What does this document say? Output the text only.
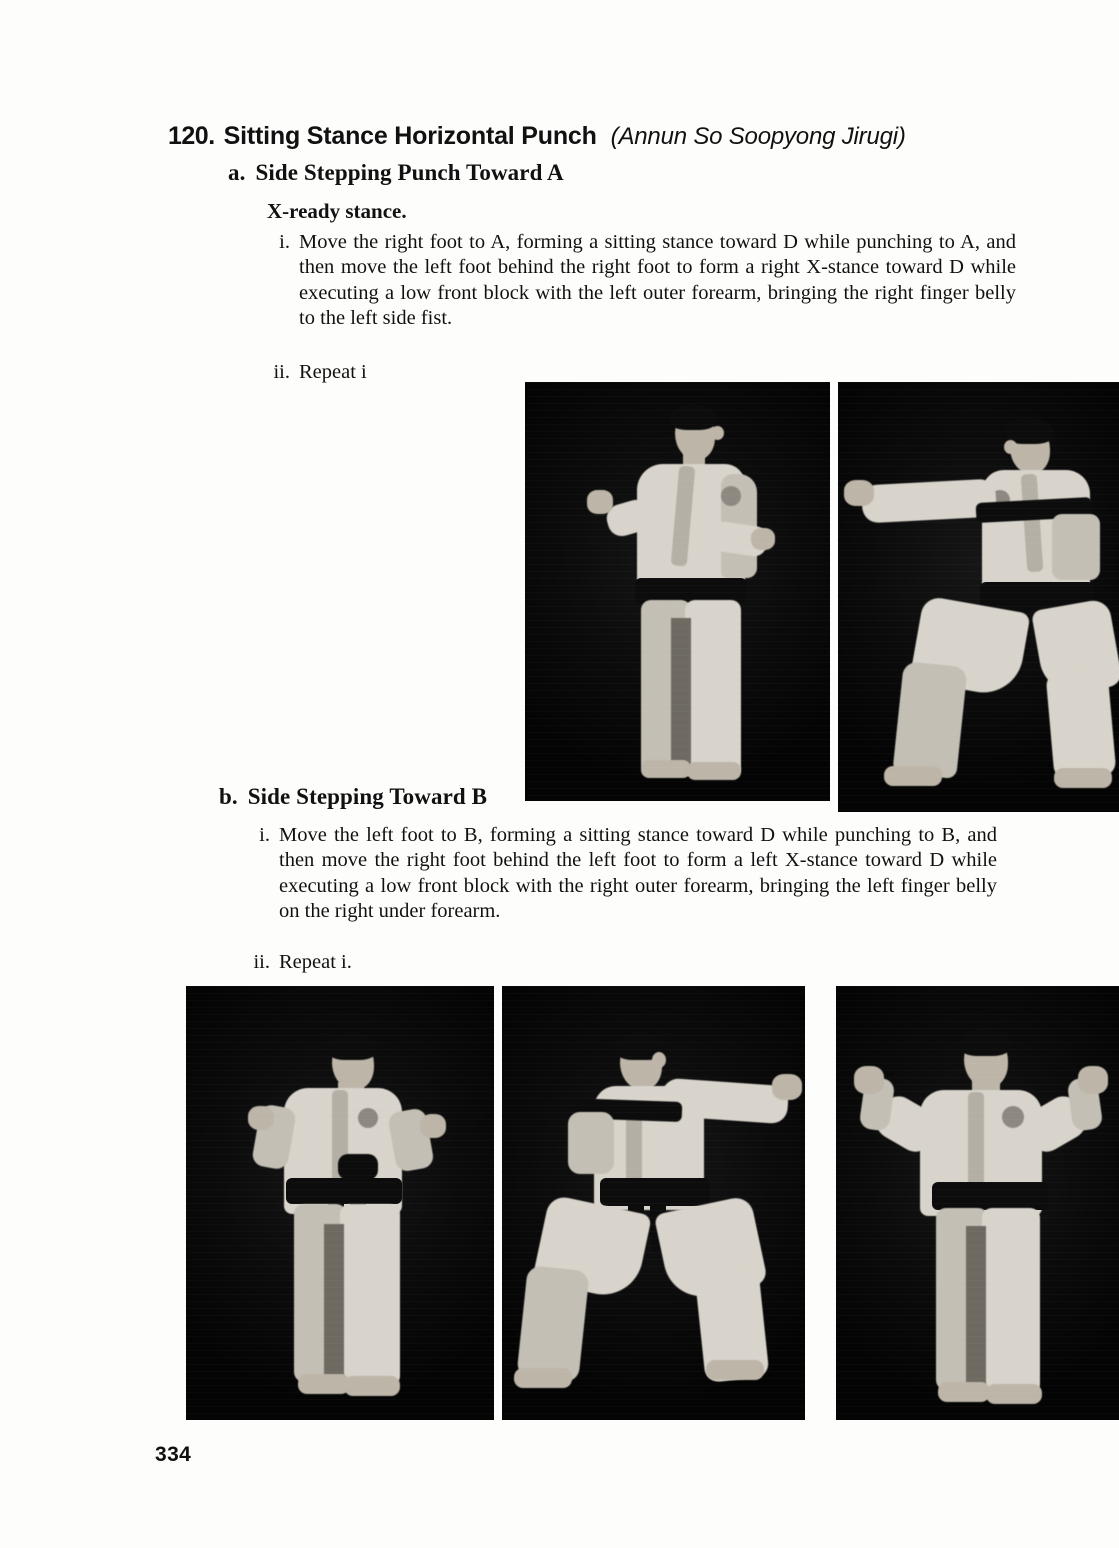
120. Sitting Stance Horizontal Punch (Annun So Soopyong Jirugi)
a. Side Stepping Punch Toward A
X-ready stance.
i. Move the right foot to A, forming a sitting stance toward D while punching to A, and then move the left foot behind the right foot to form a right X-stance toward D while executing a low front block with the left outer forearm, bringing the right finger belly to the left side fist.
ii. Repeat i
b. Side Stepping Toward B
i. Move the left foot to B, forming a sitting stance toward D while punching to B, and then move the right foot behind the left foot to form a left X-stance toward D while executing a low front block with the right outer forearm, bringing the left finger belly on the right under forearm.
ii. Repeat i.
334
